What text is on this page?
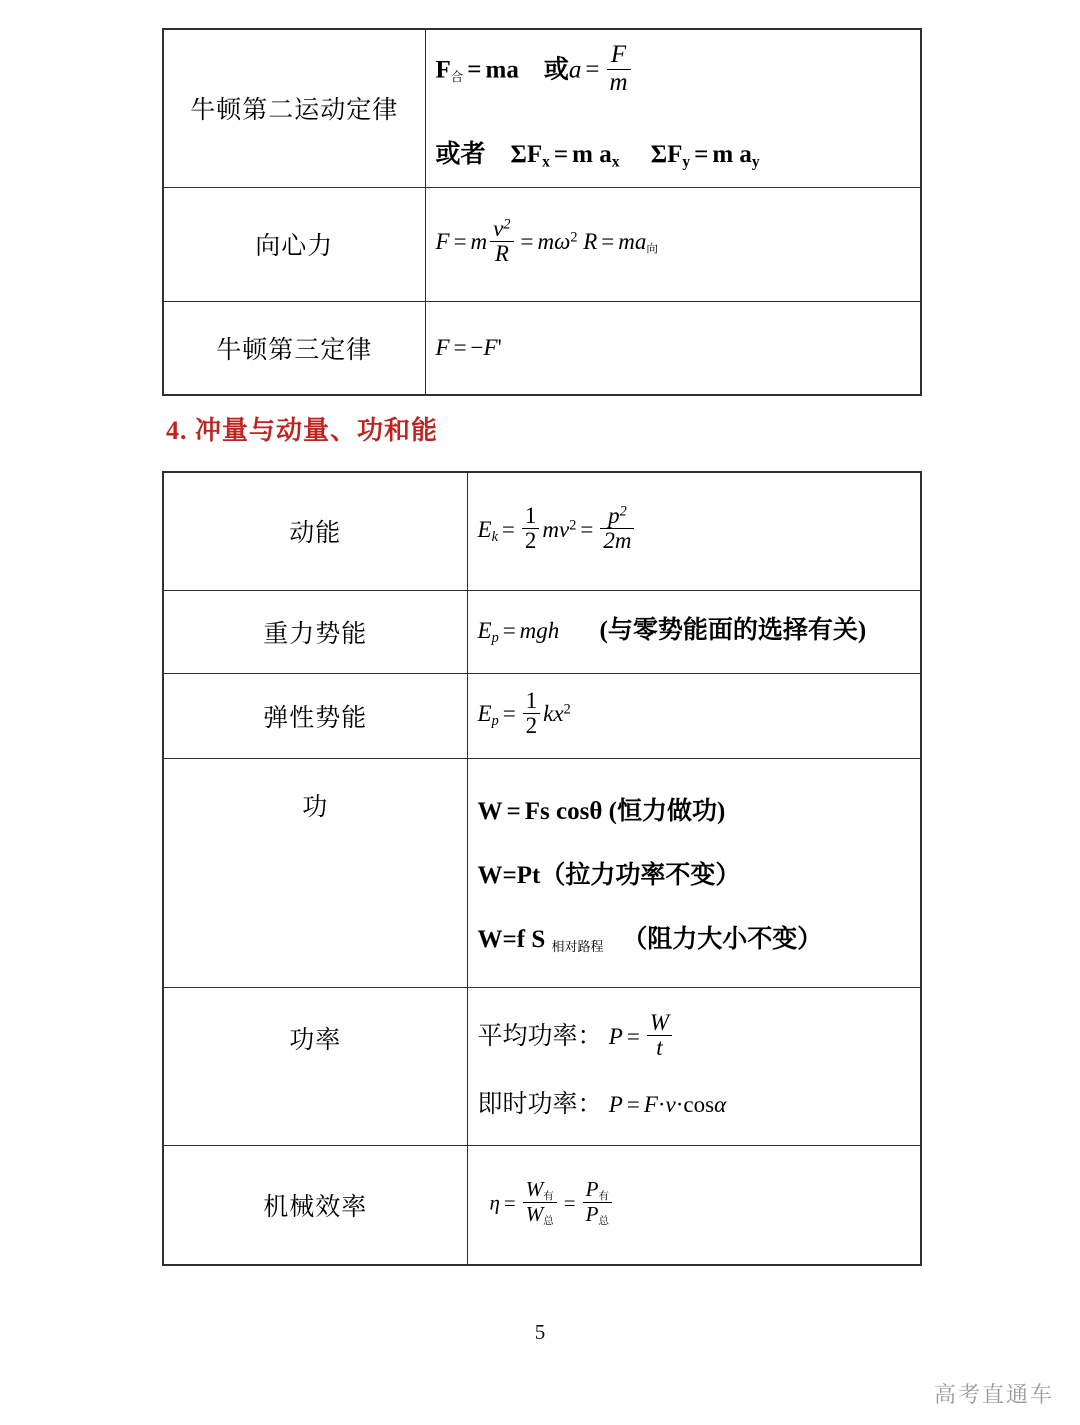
牛顿第二运动定律	F合 = ma    或$a = \frac{F}{m}$
或者    $\Sigma F_x = m$ $a_x$     $\Sigma F_y = m$ $a_y$

向心力	F = m $\frac{v^2}{R} = m\omega^2$ R = ma向

牛顿第三定律	F = −F'
4. 冲量与动量、功和能
动能	$E_k = \frac{1}{2} mv^2 = \frac{p^2}{2m}$

重力势能	$E_p$ = mgh (与零势能面的选择有关)

弹性势能	$E_p = \frac{1}{2} kx^2$

功	W = Fs cosθ (恒力做功)
W=Pt（拉力功率不变）
W=f S 相对路程 （阻力大小不变）

功率	平均功率： $P = \frac{W}{t}$
即时功率： P = F·v·cosα

机械效率	$\eta = \frac{\text{W有}}{\text{W总}} = \frac{\text{P有}}{\text{P总}}$
5
高考直通车
